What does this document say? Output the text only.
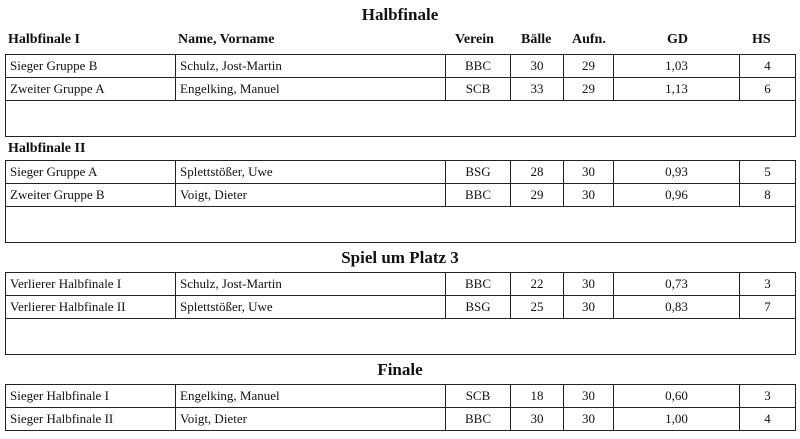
Halbfinale
Halbfinale I	Name, Vorname	Verein Bälle Aufn.	GD	HS
Sieger Gruppe B	Schulz, Jost-Martin	BBC	30	29	1,03	4
Zweiter Gruppe A	Engelking, Manuel	SCB	33	29	1,13	6

Halbfinale II
Sieger Gruppe A	Splettstößer, Uwe	BSG	28	30	0,93	5
Zweiter Gruppe B	Voigt, Dieter	BBC	29	30	0,96	8

Spiel um Platz 3
Verlierer Halbfinale I	Schulz, Jost-Martin	BBC	22	30	0,73	3
Verlierer Halbfinale II	Splettstößer, Uwe	BSG	25	30	0,83	7

Finale
Sieger Halbfinale I	Engelking, Manuel	SCB	18	30	0,60	3
Sieger Halbfinale II	Voigt, Dieter	BBC	30	30	1,00	4
